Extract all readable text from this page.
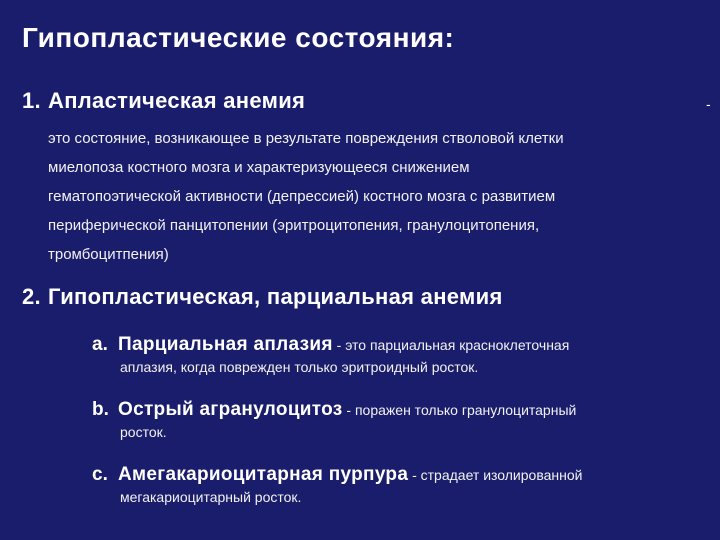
Гипопластические состояния:
1. Апластическая анемия	-
это состояние, возникающее в результате повреждения стволовой клетки
миелопоза костного мозга и характеризующееся снижением
гематопоэтической активности (депрессией) костного мозга с развитием
периферической панцитопении (эритроцитопения, гранулоцитопения,
тромбоцитпения)
2. Гипопластическая, парциальная анемия
a. Парциальная аплазия - это парциальная красноклеточная
аплазия, когда поврежден только эритроидный росток.
b. Острый агранулоцитоз - поражен только гранулоцитарный
росток.
c. Амегакариоцитарная пурпура - страдает изолированной
мегакариоцитарный росток.
